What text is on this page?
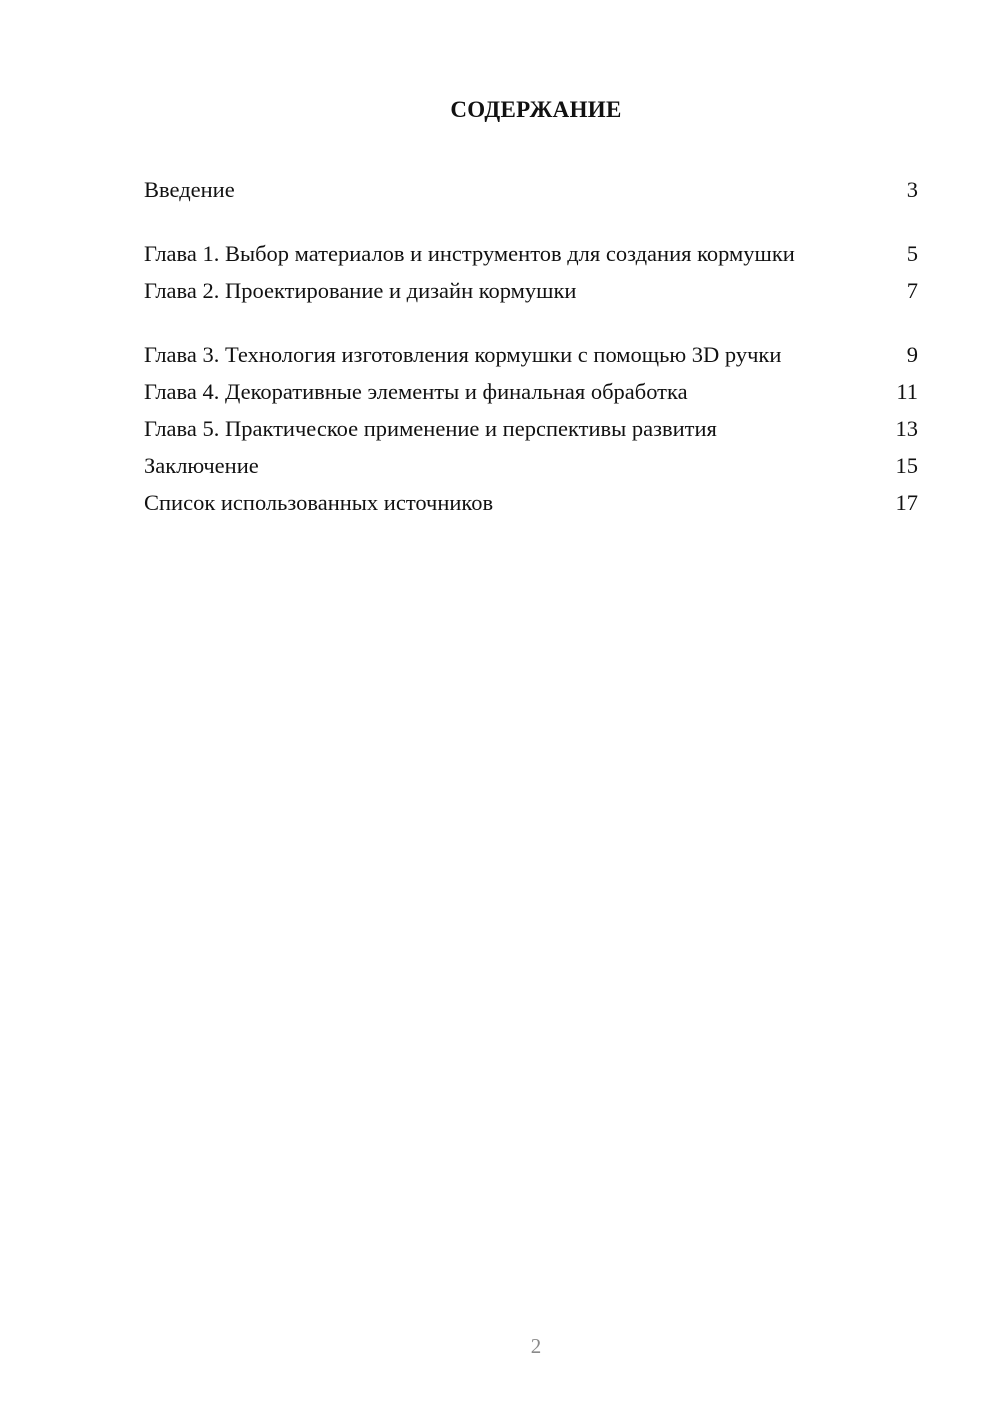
СОДЕРЖАНИЕ
Введение	3
Глава 1. Выбор материалов и инструментов для создания кормушки	5
Глава 2. Проектирование и дизайн кормушки	7
Глава 3. Технология изготовления кормушки с помощью 3D ручки	9
Глава 4. Декоративные элементы и финальная обработка	11
Глава 5. Практическое применение и перспективы развития	13
Заключение	15
Список использованных источников	17
2
